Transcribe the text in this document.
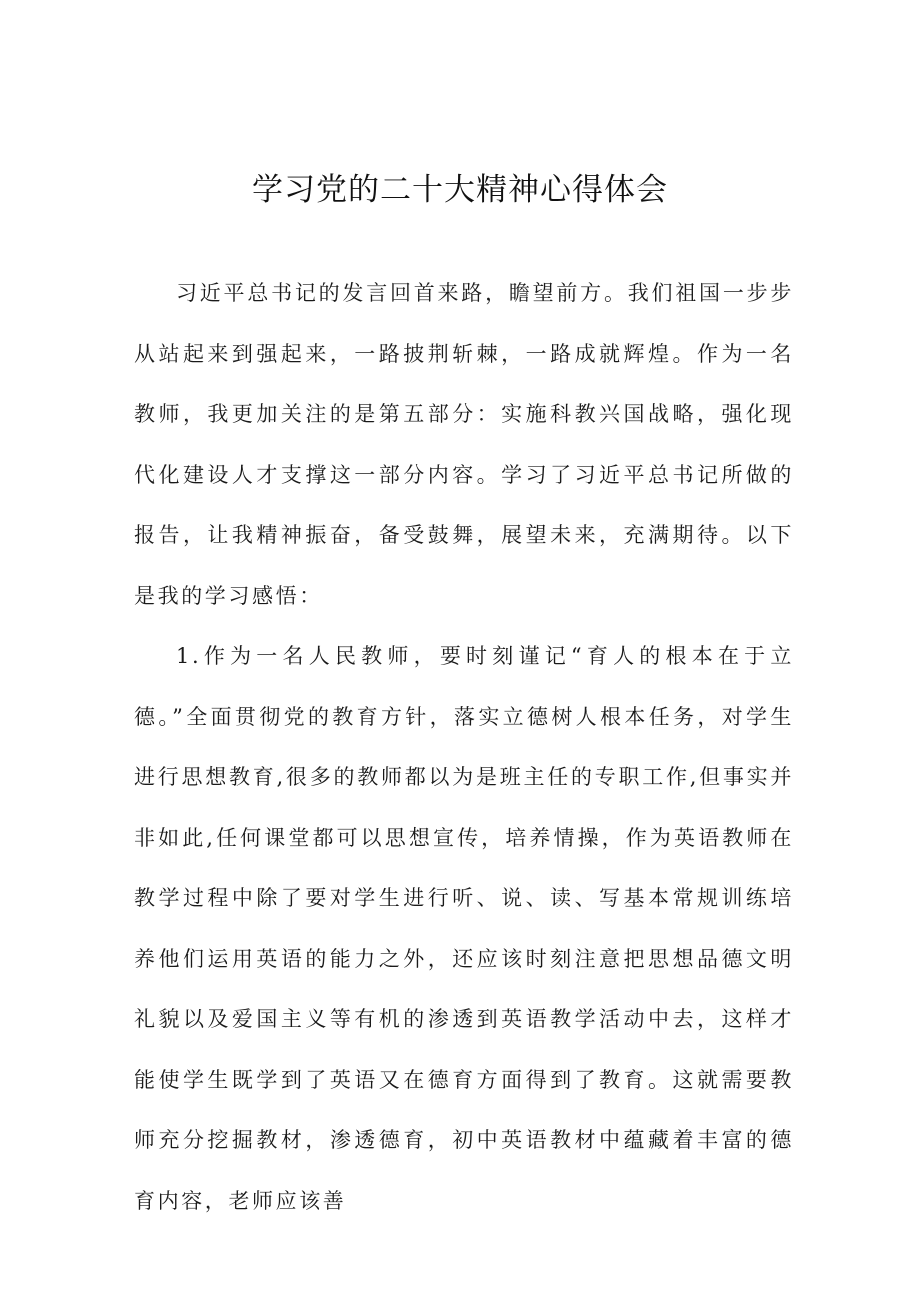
学习党的二十大精神心得体会

习近平总书记的发言回首来路，瞻望前方。我们祖国一步步从站起来到强起来，一路披荆斩棘，一路成就辉煌。作为一名教师，我更加关注的是第五部分：实施科教兴国战略，强化现代化建设人才支撑这一部分内容。学习了习近平总书记所做的报告，让我精神振奋，备受鼓舞，展望未来，充满期待。以下是我的学习感悟：

1.作为一名人民教师，要时刻谨记“育人的根本在于立德。”全面贯彻党的教育方针，落实立德树人根本任务，对学生进行思想教育,很多的教师都以为是班主任的专职工作,但事实并非如此,任何课堂都可以思想宣传，培养情操，作为英语教师在教学过程中除了要对学生进行听、说、读、写基本常规训练培养他们运用英语的能力之外，还应该时刻注意把思想品德文明礼貌以及爱国主义等有机的渗透到英语教学活动中去，这样才能使学生既学到了英语又在德育方面得到了教育。这就需要教师充分挖掘教材，渗透德育，初中英语教材中蕴藏着丰富的德育内容，老师应该善
